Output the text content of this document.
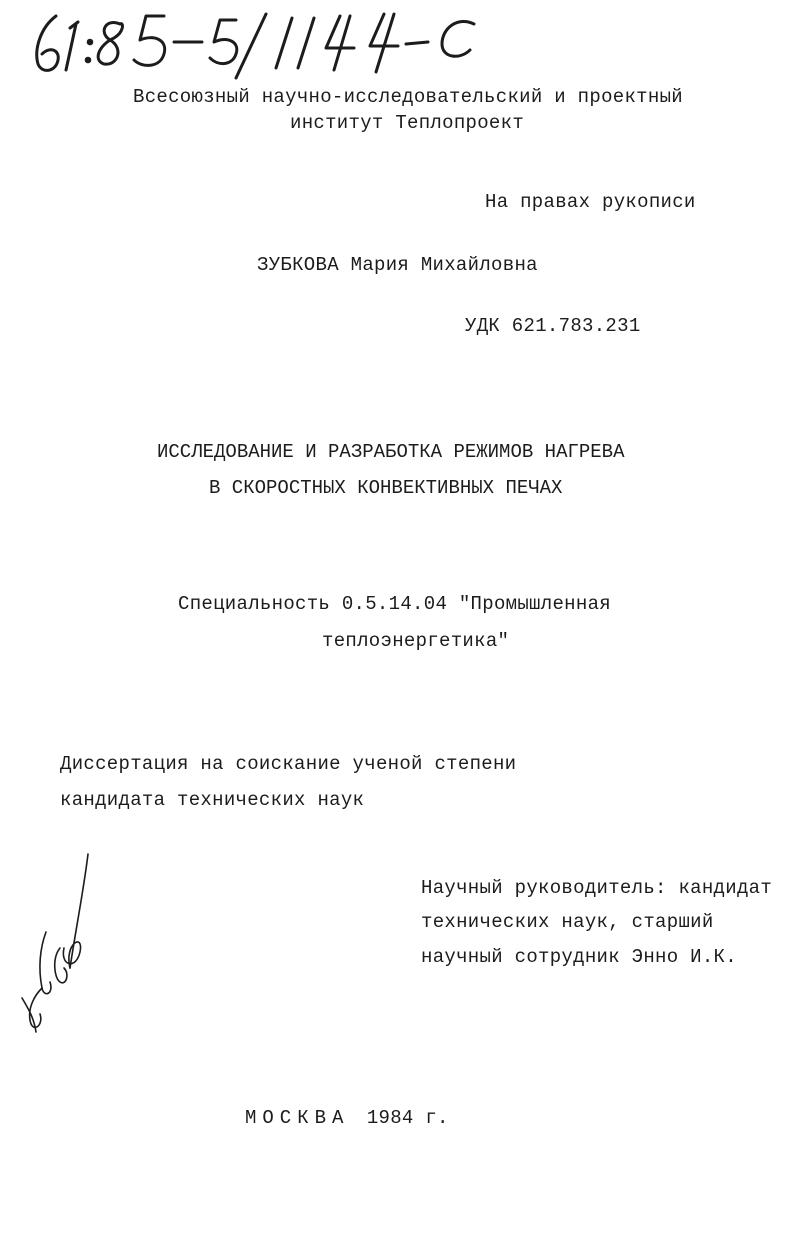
Всесоюзный научно-исследовательский и проектный
институт Теплопроект
На правах рукописи
ЗУБКОВА Мария Михайловна
УДК 621.783.231
ИССЛЕДОВАНИЕ И РАЗРАБОТКА РЕЖИМОВ НАГРЕВА
В СКОРОСТНЫХ КОНВЕКТИВНЫХ ПЕЧАХ
Специальность 0.5.14.04 "Промышленная
теплоэнергетика"
Диссертация на соискание ученой степени
кандидата технических наук
Научный руководитель: кандидат
технических наук, старший
научный сотрудник Энно И.К.
МОСКВА 1984 г.
